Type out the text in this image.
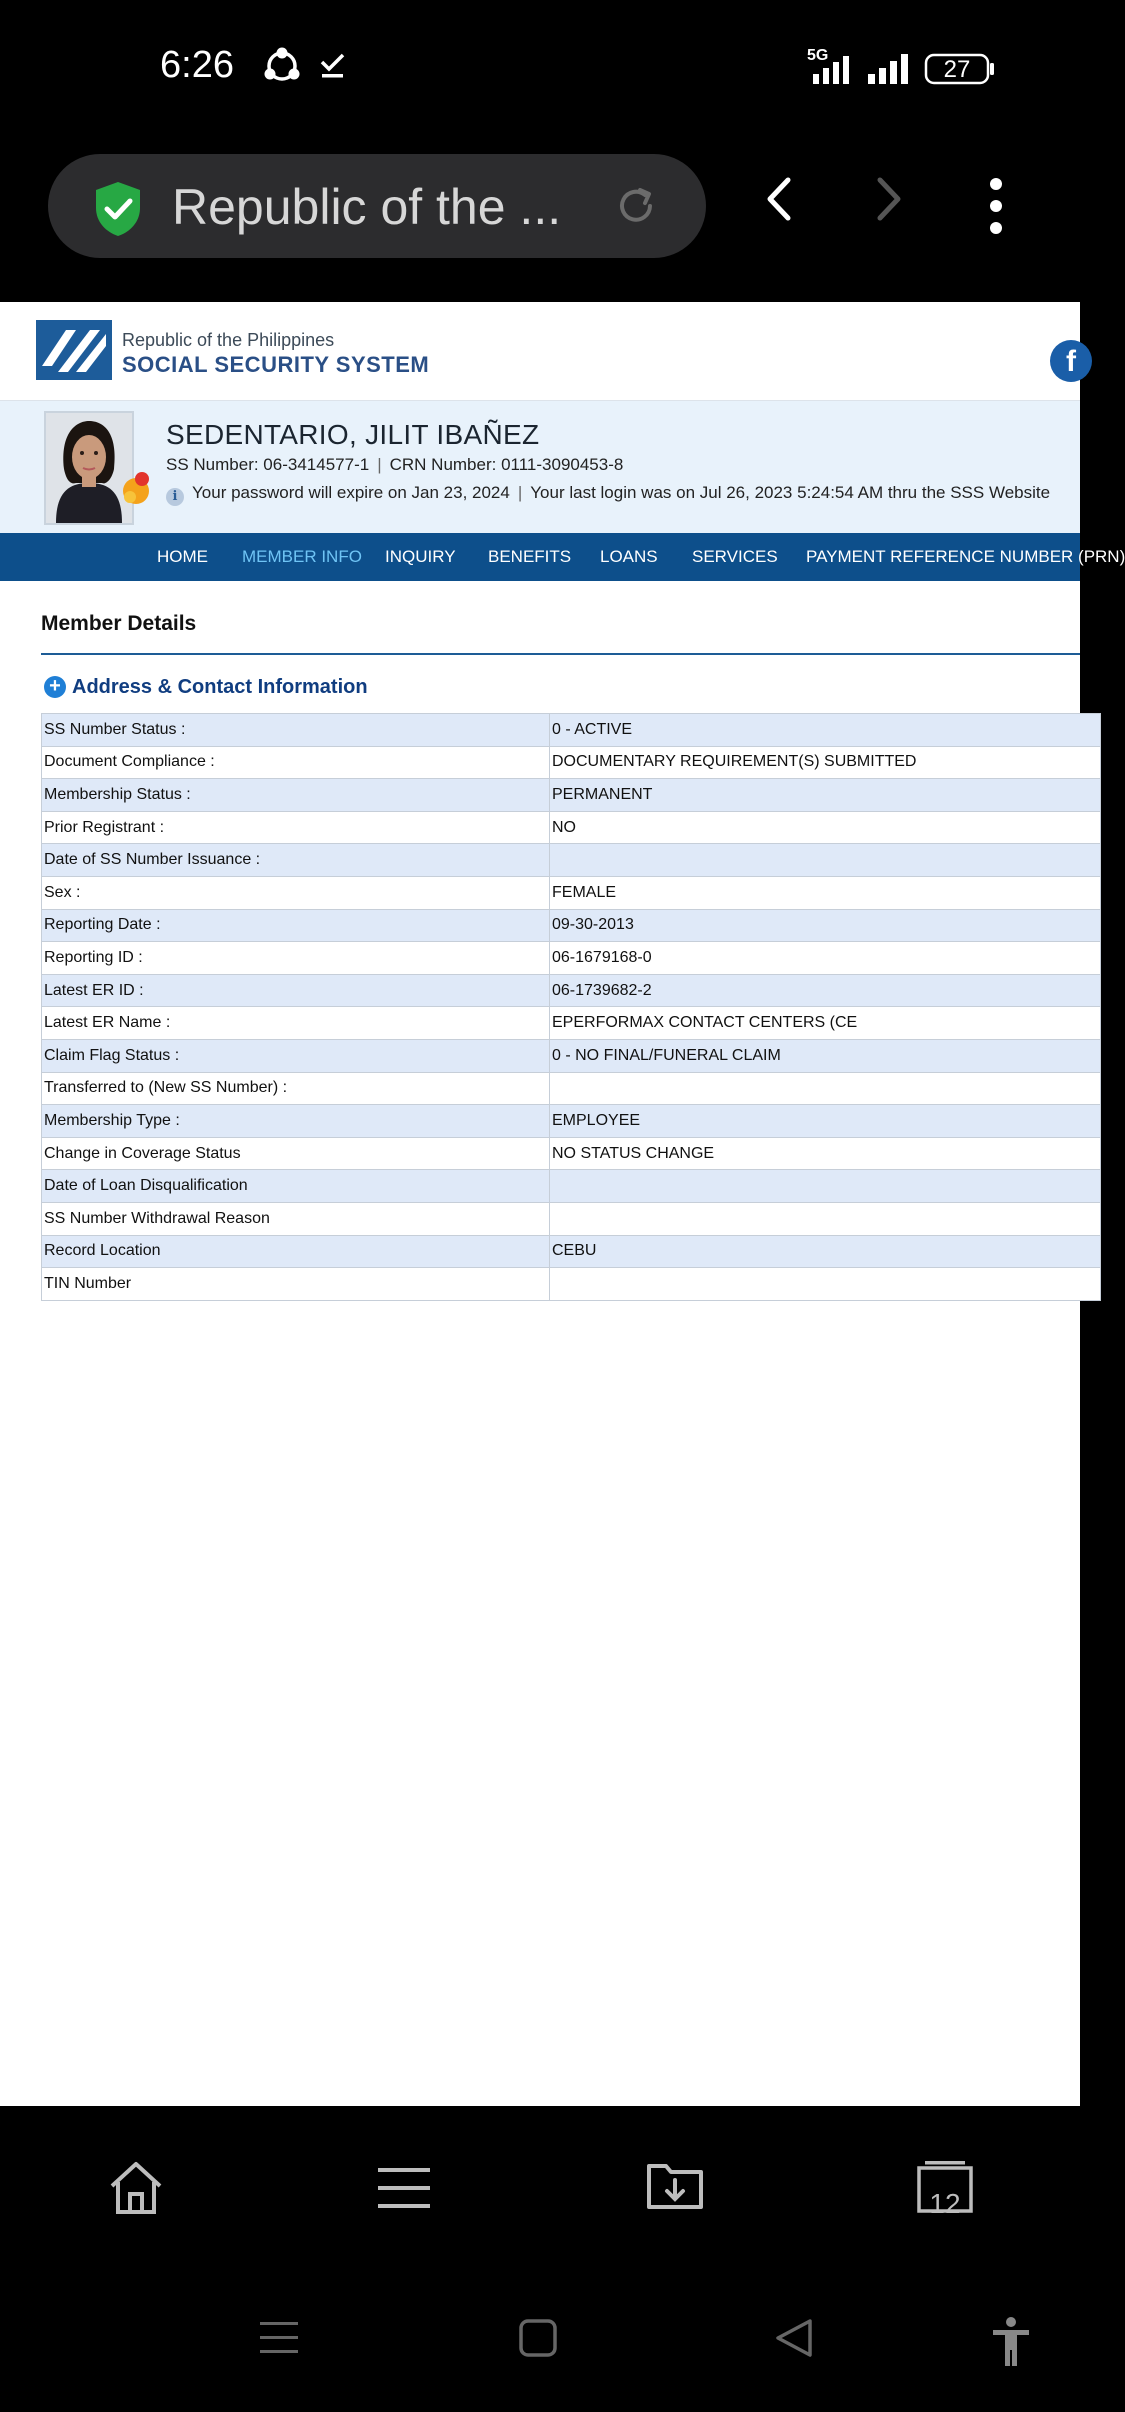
6:26	5G
27
Republic of the ...
Republic of the Philippines
SOCIAL SECURITY SYSTEM	f
SEDENTARIO, JILIT IBAÑEZ
SS Number: 06-3414577-1 | CRN Number: 0111-3090453-8
i Your password will expire on Jan 23, 2024 | Your last login was on Jul 26, 2023 5:24:54 AM thru the SSS Website
HOME MEMBER INFO INQUIRY BENEFITS LOANS SERVICES PAYMENT REFERENCE NUMBER (PRN)
Member Details
+ Address & Contact Information
SS Number Status :	0 - ACTIVE
Document Compliance :	DOCUMENTARY REQUIREMENT(S) SUBMITTED
Membership Status :	PERMANENT
Prior Registrant :	NO
Date of SS Number Issuance :	
Sex :	FEMALE
Reporting Date :	09-30-2013
Reporting ID :	06-1679168-0
Latest ER ID :	06-1739682-2
Latest ER Name :	EPERFORMAX CONTACT CENTERS (CE
Claim Flag Status :	0 - NO FINAL/FUNERAL CLAIM
Transferred to (New SS Number) :	
Membership Type :	EMPLOYEE
Change in Coverage Status	NO STATUS CHANGE
Date of Loan Disqualification	
SS Number Withdrawal Reason	
Record Location	CEBU
TIN Number	
12
